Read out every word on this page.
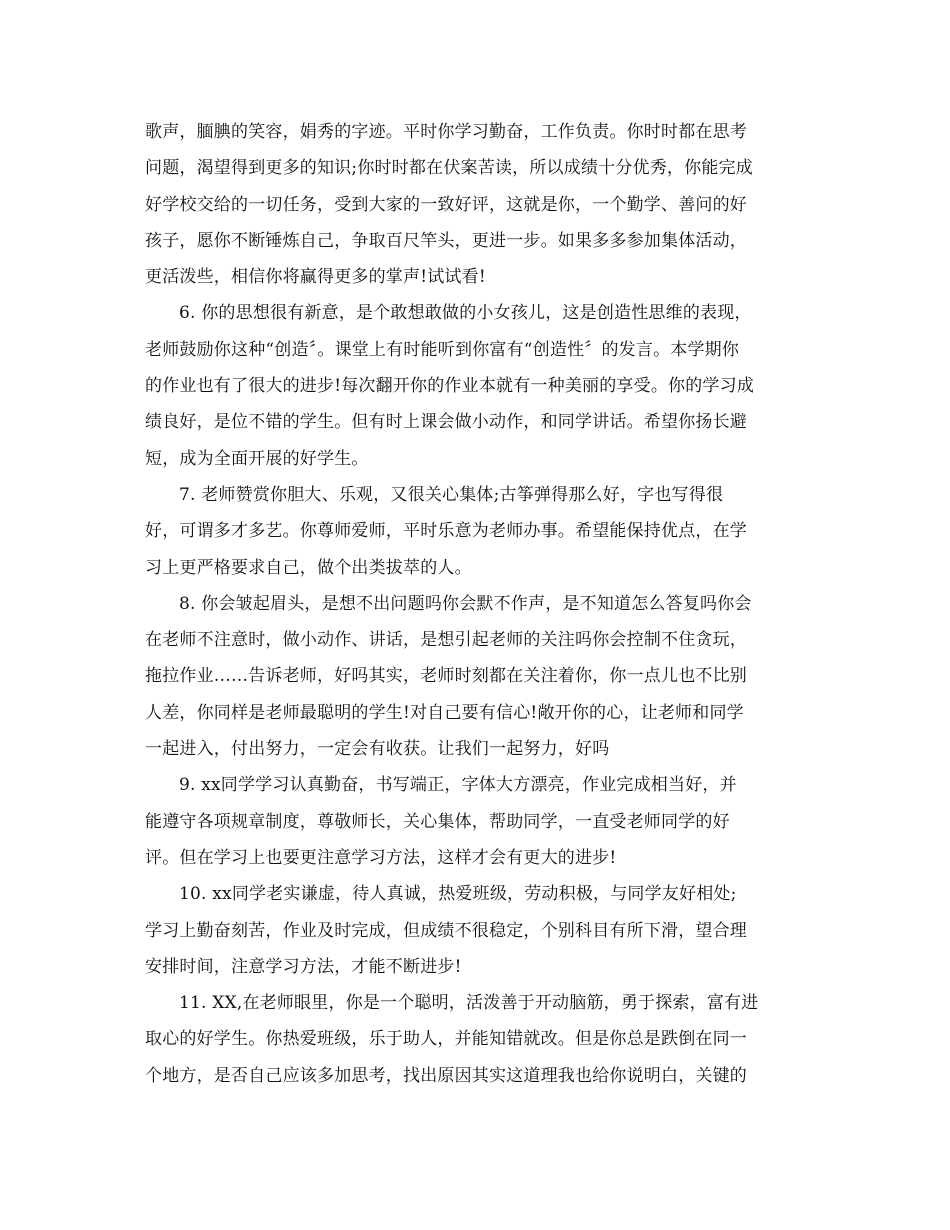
歌声，腼腆的笑容，娟秀的字迹。平时你学习勤奋，工作负责。你时时都在思考
问题，渴望得到更多的知识;你时时都在伏案苦读，所以成绩十分优秀，你能完成
好学校交给的一切任务，受到大家的一致好评，这就是你，一个勤学、善问的好
孩子，愿你不断锤炼自己，争取百尺竿头，更进一步。如果多多参加集体活动，
更活泼些，相信你将赢得更多的掌声!试试看!
6. 你的思想很有新意，是个敢想敢做的小女孩儿，这是创造性思维的表现，
老师鼓励你这种“创造〞。课堂上有时能听到你富有“创造性〞的发言。本学期你
的作业也有了很大的进步!每次翻开你的作业本就有一种美丽的享受。你的学习成
绩良好，是位不错的学生。但有时上课会做小动作，和同学讲话。希望你扬长避
短，成为全面开展的好学生。
7. 老师赞赏你胆大、乐观，又很关心集体;古筝弹得那么好，字也写得很
好，可谓多才多艺。你尊师爱师，平时乐意为老师办事。希望能保持优点，在学
习上更严格要求自己，做个出类拔萃的人。
8. 你会皱起眉头，是想不出问题吗你会默不作声，是不知道怎么答复吗你会
在老师不注意时，做小动作、讲话，是想引起老师的关注吗你会控制不住贪玩，
拖拉作业……告诉老师，好吗其实，老师时刻都在关注着你，你一点儿也不比别
人差，你同样是老师最聪明的学生!对自己要有信心!敞开你的心，让老师和同学
一起进入，付出努力，一定会有收获。让我们一起努力，好吗
9. xx同学学习认真勤奋，书写端正，字体大方漂亮，作业完成相当好，并
能遵守各项规章制度，尊敬师长，关心集体，帮助同学，一直受老师同学的好
评。但在学习上也要更注意学习方法，这样才会有更大的进步!
10. xx同学老实谦虚，待人真诚，热爱班级，劳动积极，与同学友好相处;
学习上勤奋刻苦，作业及时完成，但成绩不很稳定，个别科目有所下滑，望合理
安排时间，注意学习方法，才能不断进步!
11. XX,在老师眼里，你是一个聪明，活泼善于开动脑筋，勇于探索，富有进
取心的好学生。你热爱班级，乐于助人，并能知错就改。但是你总是跌倒在同一
个地方，是否自己应该多加思考，找出原因其实这道理我也给你说明白，关键的
